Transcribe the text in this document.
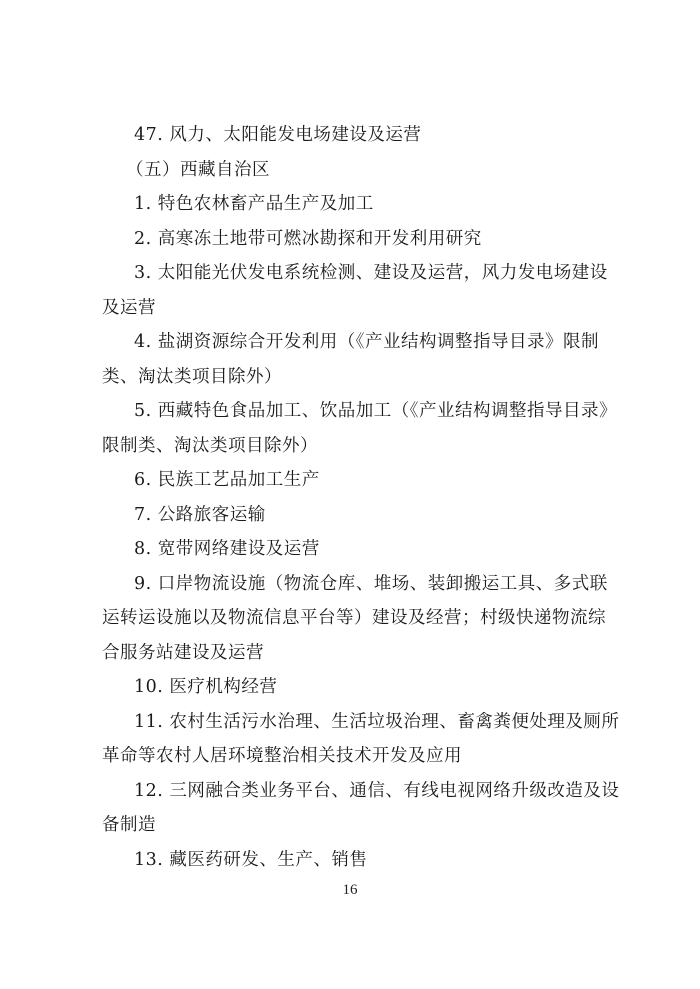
47. 风力、太阳能发电场建设及运营
（五）西藏自治区
1. 特色农林畜产品生产及加工
2. 高寒冻土地带可燃冰勘探和开发利用研究
3. 太阳能光伏发电系统检测、建设及运营，风力发电场建设
及运营
4. 盐湖资源综合开发利用（《产业结构调整指导目录》限制
类、淘汰类项目除外）
5. 西藏特色食品加工、饮品加工（《产业结构调整指导目录》
限制类、淘汰类项目除外）
6. 民族工艺品加工生产
7. 公路旅客运输
8. 宽带网络建设及运营
9. 口岸物流设施（物流仓库、堆场、装卸搬运工具、多式联
运转运设施以及物流信息平台等）建设及经营；村级快递物流综
合服务站建设及运营
10. 医疗机构经营
11. 农村生活污水治理、生活垃圾治理、畜禽粪便处理及厕所
革命等农村人居环境整治相关技术开发及应用
12. 三网融合类业务平台、通信、有线电视网络升级改造及设
备制造
13. 藏医药研发、生产、销售
16
